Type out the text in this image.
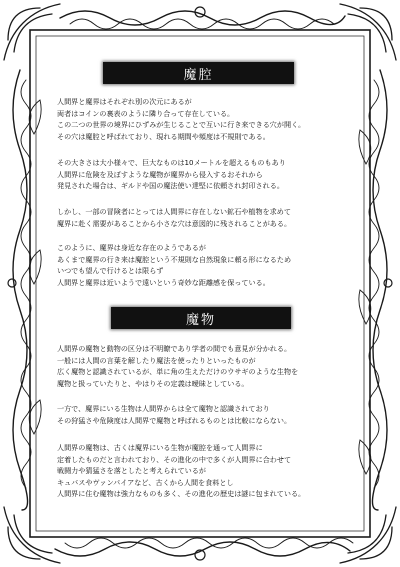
魔腔
人間界と魔界はそれぞれ別の次元にあるが
両者はコインの裏表のように隣り合って存在している。
この二つの世界の境界にひずみが生じることで互いに行き来できる穴が開く。
その穴は魔腔と呼ばれており、現れる期間や頻度は不規則である。
その大きさは大小様々で、巨大なものは10メートルを超えるものもあり
人間界に危険を及ぼすような魔物が魔界から侵入するおそれから
発見された場合は、ギルドや国の魔法使い達堅に依頼され封印される。
しかし、一部の冒険者にとっては人間界に存在しない鉱石や植物を求めて
魔界に赴く需要があることから小さな穴は意図的に残されることがある。
このように、魔界は身近な存在のようであるが
あくまで魔界の行き来は魔腔という不規則な自然現象に頼る形になるため
いつでも望んで行けるとは限らず
人間界と魔界は近いようで遠いという奇妙な距離感を保っている。
魔物
人間界の魔物と動物の区分は不明瞭であり学者の間でも意見が分かれる。
一般には人間の言葉を解したり魔法を使ったりといったものが
広く魔物と認識されているが、単に角の生えただけのウサギのような生物を
魔物と扱っていたりと、やはりその定義は曖昧としている。
一方で、魔界にいる生物は人間界からは全て魔物と認識されており
その狩猛さや危険度は人間界で魔物と呼ばれるものとは比較にならない。
人間界の魔物は、古くは魔界にいる生物が魔腔を通って人間界に
定着したものだと言われており、その進化の中で多くが人間界に合わせて
戦闘力や猜猛さを落としたと考えられているが
キュバスやヴァンパイアなど、古くから人間を食料とし
人間界に住む魔物は強力なものも多く、その進化の歴史は謎に包まれている。
